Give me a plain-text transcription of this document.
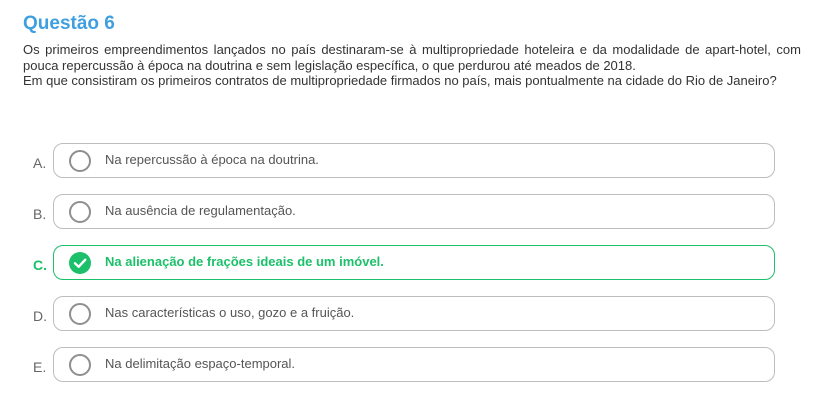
Questão 6

Os primeiros empreendimentos lançados no país destinaram-se à multipropriedade hoteleira e da modalidade de apart-hotel, com pouca repercussão à época na doutrina e sem legislação específica, o que perdurou até meados de 2018.

Em que consistiram os primeiros contratos de multipropriedade firmados no país, mais pontualmente na cidade do Rio de Janeiro?

A.	Na repercussão à época na doutrina.
B.	Na ausência de regulamentação.
C.	Na alienação de frações ideais de um imóvel.
D.	Nas características o uso, gozo e a fruição.
E.	Na delimitação espaço-temporal.
